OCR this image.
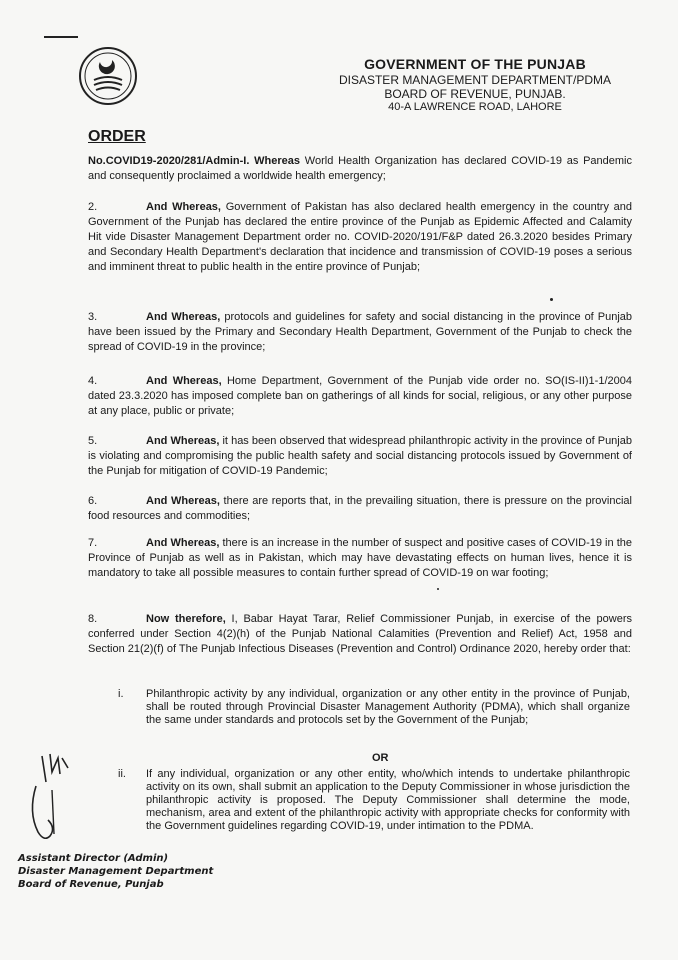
GOVERNMENT OF THE PUNJAB
DISASTER MANAGEMENT DEPARTMENT/PDMA
BOARD OF REVENUE, PUNJAB.
40-A LAWRENCE ROAD, LAHORE
ORDER
No.COVID19-2020/281/Admin-I. Whereas World Health Organization has declared COVID-19 as Pandemic and consequently proclaimed a worldwide health emergency;
2.	And Whereas, Government of Pakistan has also declared health emergency in the country and Government of the Punjab has declared the entire province of the Punjab as Epidemic Affected and Calamity Hit vide Disaster Management Department order no. COVID-2020/191/F&P dated 26.3.2020 besides Primary and Secondary Health Department's declaration that incidence and transmission of COVID-19 poses a serious and imminent threat to public health in the entire province of Punjab;
3.	And Whereas, protocols and guidelines for safety and social distancing in the province of Punjab have been issued by the Primary and Secondary Health Department, Government of the Punjab to check the spread of COVID-19 in the province;
4.	And Whereas, Home Department, Government of the Punjab vide order no. SO(IS-II)1-1/2004 dated 23.3.2020 has imposed complete ban on gatherings of all kinds for social, religious, or any other purpose at any place, public or private;
5.	And Whereas, it has been observed that widespread philanthropic activity in the province of Punjab is violating and compromising the public health safety and social distancing protocols issued by Government of the Punjab for mitigation of COVID-19 Pandemic;
6.	And Whereas, there are reports that, in the prevailing situation, there is pressure on the provincial food resources and commodities;
7.	And Whereas, there is an increase in the number of suspect and positive cases of COVID-19 in the Province of Punjab as well as in Pakistan, which may have devastating effects on human lives, hence it is mandatory to take all possible measures to contain further spread of COVID-19 on war footing;
8.	Now therefore, I, Babar Hayat Tarar, Relief Commissioner Punjab, in exercise of the powers conferred under Section 4(2)(h) of the Punjab National Calamities (Prevention and Relief) Act, 1958 and Section 21(2)(f) of The Punjab Infectious Diseases (Prevention and Control) Ordinance 2020, hereby order that:
i. Philanthropic activity by any individual, organization or any other entity in the province of Punjab, shall be routed through Provincial Disaster Management Authority (PDMA), which shall organize the same under standards and protocols set by the Government of the Punjab;
OR
ii. If any individual, organization or any other entity, who/which intends to undertake philanthropic activity on its own, shall submit an application to the Deputy Commissioner in whose jurisdiction the philanthropic activity is proposed. The Deputy Commissioner shall determine the mode, mechanism, area and extent of the philanthropic activity with appropriate checks for conformity with the Government guidelines regarding COVID-19, under intimation to the PDMA.
Assistant Director (Admin)
Disaster Management Department
Board of Revenue, Punjab
